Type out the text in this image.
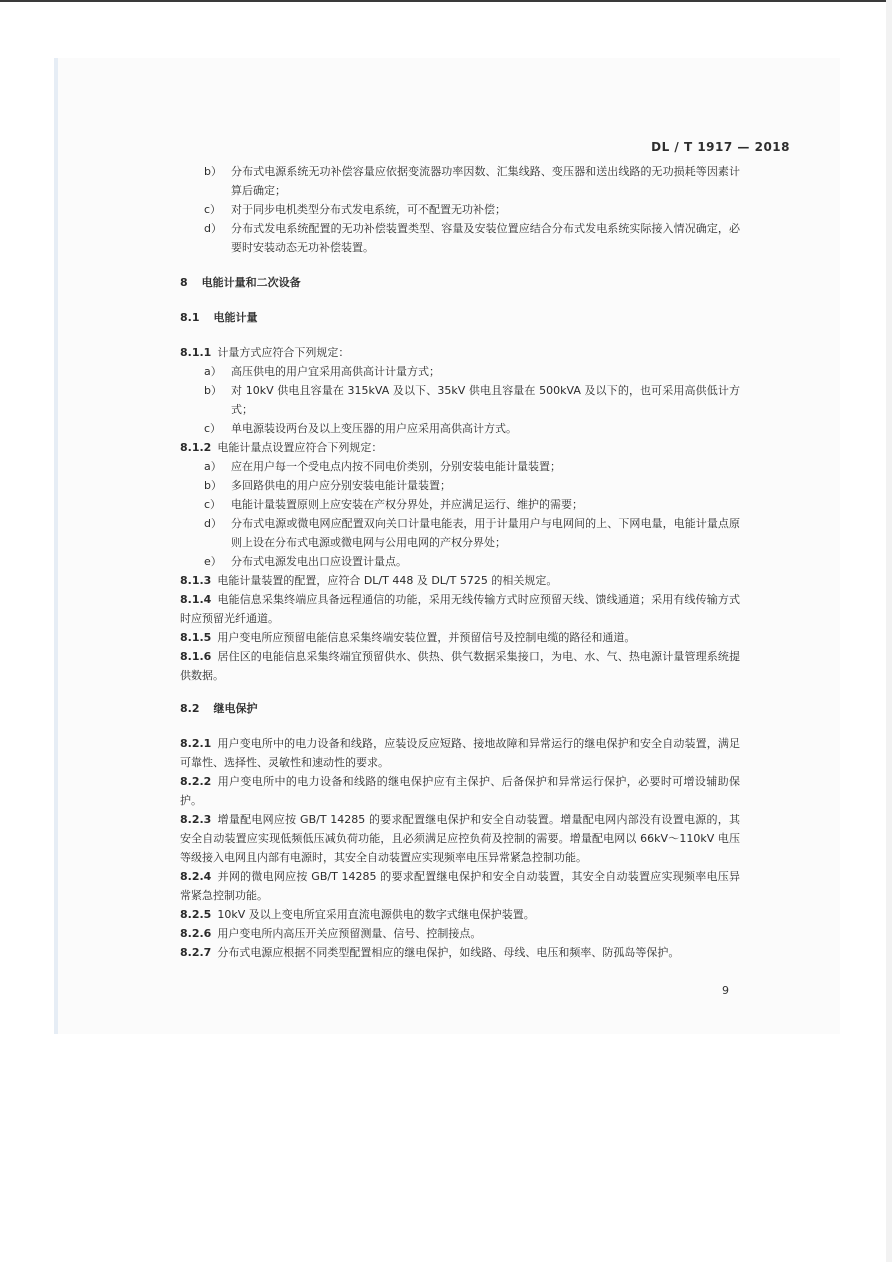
DL / T 1917 — 2018
b） 分布式电源系统无功补偿容量应依据变流器功率因数、汇集线路、变压器和送出线路的无功损耗等因素计算后确定；
c） 对于同步电机类型分布式发电系统，可不配置无功补偿；
d） 分布式发电系统配置的无功补偿装置类型、容量及安装位置应结合分布式发电系统实际接入情况确定，必要时安装动态无功补偿装置。
8 电能计量和二次设备
8.1 电能计量
8.1.1 计量方式应符合下列规定：
a） 高压供电的用户宜采用高供高计计量方式；
b） 对 10kV 供电且容量在 315kVA 及以下、35kV 供电且容量在 500kVA 及以下的，也可采用高供低计方式；
c） 单电源装设两台及以上变压器的用户应采用高供高计方式。
8.1.2 电能计量点设置应符合下列规定：
a） 应在用户每一个受电点内按不同电价类别，分别安装电能计量装置；
b） 多回路供电的用户应分别安装电能计量装置；
c） 电能计量装置原则上应安装在产权分界处，并应满足运行、维护的需要；
d） 分布式电源或微电网应配置双向关口计量电能表，用于计量用户与电网间的上、下网电量，电能计量点原则上设在分布式电源或微电网与公用电网的产权分界处；
e） 分布式电源发电出口应设置计量点。
8.1.3 电能计量装置的配置，应符合 DL/T 448 及 DL/T 5725 的相关规定。
8.1.4 电能信息采集终端应具备远程通信的功能，采用无线传输方式时应预留天线、馈线通道；采用有线传输方式时应预留光纤通道。
8.1.5 用户变电所应预留电能信息采集终端安装位置，并预留信号及控制电缆的路径和通道。
8.1.6 居住区的电能信息采集终端宜预留供水、供热、供气数据采集接口，为电、水、气、热电源计量管理系统提供数据。
8.2 继电保护
8.2.1 用户变电所中的电力设备和线路，应装设反应短路、接地故障和异常运行的继电保护和安全自动装置，满足可靠性、选择性、灵敏性和速动性的要求。
8.2.2 用户变电所中的电力设备和线路的继电保护应有主保护、后备保护和异常运行保护，必要时可增设辅助保护。
8.2.3 增量配电网应按 GB/T 14285 的要求配置继电保护和安全自动装置。增量配电网内部没有设置电源的，其安全自动装置应实现低频低压减负荷功能，且必须满足应控负荷及控制的需要。增量配电网以 66kV～110kV 电压等级接入电网且内部有电源时，其安全自动装置应实现频率电压异常紧急控制功能。
8.2.4 并网的微电网应按 GB/T 14285 的要求配置继电保护和安全自动装置，其安全自动装置应实现频率电压异常紧急控制功能。
8.2.5 10kV 及以上变电所宜采用直流电源供电的数字式继电保护装置。
8.2.6 用户变电所内高压开关应预留测量、信号、控制接点。
8.2.7 分布式电源应根据不同类型配置相应的继电保护，如线路、母线、电压和频率、防孤岛等保护。
9
